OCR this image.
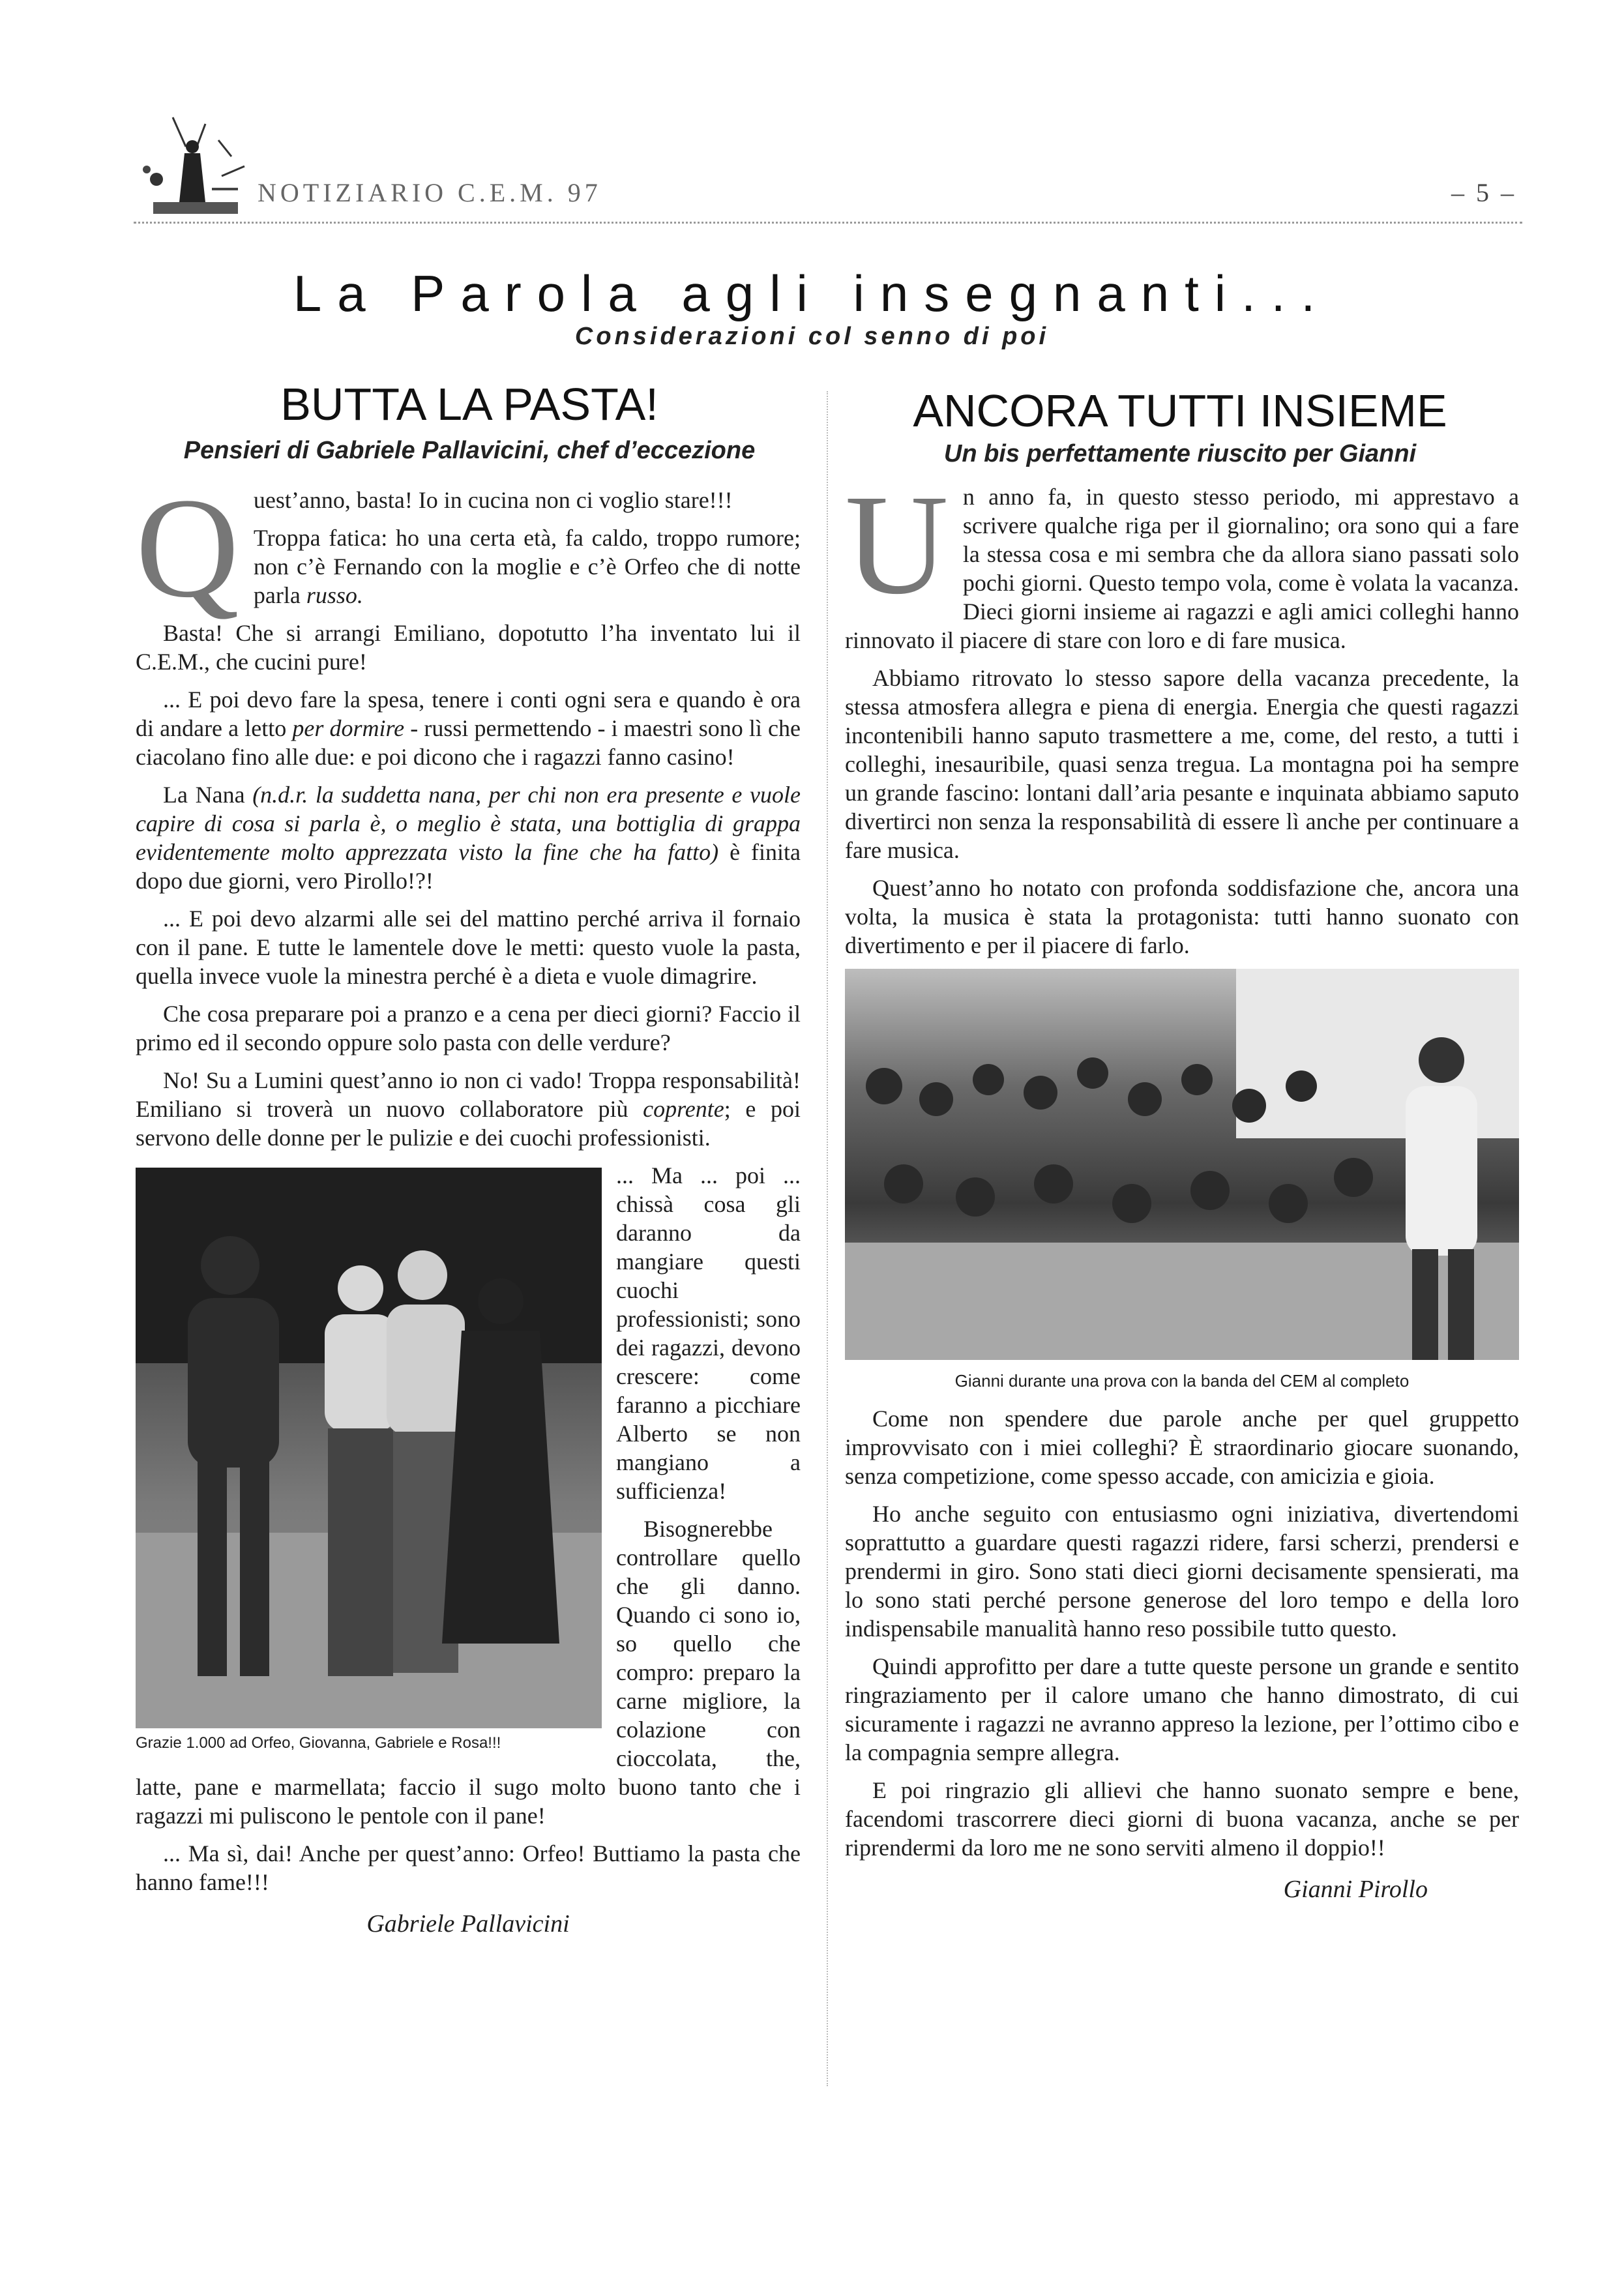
NOTIZIARIO C.E.M. 97	– 5 –
La Parola agli insegnanti...
Considerazioni col senno di poi
BUTTA LA PASTA!
Pensieri di Gabriele Pallavicini, chef d’eccezione
ANCORA TUTTI INSIEME
Un bis perfettamente riuscito per Gianni
Q uest’anno, basta! Io in cucina non ci voglio stare!!!

Troppa fatica: ho una certa età, fa caldo, troppo rumore; non c’è Fernando con la moglie e c’è Orfeo che di notte parla russo.

Basta! Che si arrangi Emiliano, dopotutto l’ha inventato lui il C.E.M., che cucini pure!

... E poi devo fare la spesa, tenere i conti ogni sera e quando è ora di andare a letto per dormire - russi permettendo - i maestri sono lì che ciacolano fino alle due: e poi dicono che i ragazzi fanno casino!

La Nana (n.d.r. la suddetta nana, per chi non era presente e vuole capire di cosa si parla è, o meglio è stata, una bottiglia di grappa evidentemente molto apprezzata visto la fine che ha fatto) è finita dopo due giorni, vero Pirollo!?!

... E poi devo alzarmi alle sei del mattino perché arriva il fornaio con il pane. E tutte le lamentele dove le metti: questo vuole la pasta, quella invece vuole la minestra perché è a dieta e vuole dimagrire.

Che cosa preparare poi a pranzo e a cena per dieci giorni? Faccio il primo ed il secondo oppure solo pasta con delle verdure?

No! Su a Lumini quest’anno io non ci vado! Troppa responsabilità! Emiliano si troverà un nuovo collaboratore più coprente; e poi servono delle donne per le pulizie e dei cuochi professionisti.

Grazie 1.000 ad Orfeo, Giovanna, Gabriele e Rosa!!!

... Ma ... poi ... chissà cosa gli daranno da mangiare questi cuochi professionisti; sono dei ragazzi, devono crescere: come faranno a picchiare Alberto se non mangiano a sufficienza!

Bisognerebbe controllare quello che gli danno. Quando ci sono io, so quello che compro: preparo la carne migliore, la colazione con cioccolata, the, latte, pane e marmellata; faccio il sugo molto buono tanto che i ragazzi mi puliscono le pentole con il pane!

... Ma sì, dai! Anche per quest’anno: Orfeo! Buttiamo la pasta che hanno fame!!!

Gabriele Pallavicini
U n anno fa, in questo stesso periodo, mi apprestavo a scrivere qualche riga per il giornalino; ora sono qui a fare la stessa cosa e mi sembra che da allora siano passati solo pochi giorni. Questo tempo vola, come è volata la vacanza. Dieci giorni insieme ai ragazzi e agli amici colleghi hanno rinnovato il piacere di stare con loro e di fare musica.

Abbiamo ritrovato lo stesso sapore della vacanza precedente, la stessa atmosfera allegra e piena di energia. Energia che questi ragazzi incontenibili hanno saputo trasmettere a me, come, del resto, a tutti i colleghi, inesauribile, quasi senza tregua. La montagna poi ha sempre un grande fascino: lontani dall’aria pesante e inquinata abbiamo saputo divertirci non senza la responsabilità di essere lì anche per continuare a fare musica.

Quest’anno ho notato con profonda soddisfazione che, ancora una volta, la musica è stata la protagonista: tutti hanno suonato con divertimento e per il piacere di farlo.

Gianni durante una prova con la banda del CEM al completo

Come non spendere due parole anche per quel gruppetto improvvisato con i miei colleghi? È straordinario giocare suonando, senza competizione, come spesso accade, con amicizia e gioia.

Ho anche seguito con entusiasmo ogni iniziativa, divertendomi soprattutto a guardare questi ragazzi ridere, farsi scherzi, prendersi e prendermi in giro. Sono stati dieci giorni decisamente spensierati, ma lo sono stati perché persone generose del loro tempo e della loro indispensabile manualità hanno reso possibile tutto questo.

Quindi approfitto per dare a tutte queste persone un grande e sentito ringraziamento per il calore umano che hanno dimostrato, di cui sicuramente i ragazzi ne avranno appreso la lezione, per l’ottimo cibo e la compagnia sempre allegra.

E poi ringrazio gli allievi che hanno suonato sempre e bene, facendomi trascorrere dieci giorni di buona vacanza, anche se per riprendermi da loro me ne sono serviti almeno il doppio!!

Gianni Pirollo
